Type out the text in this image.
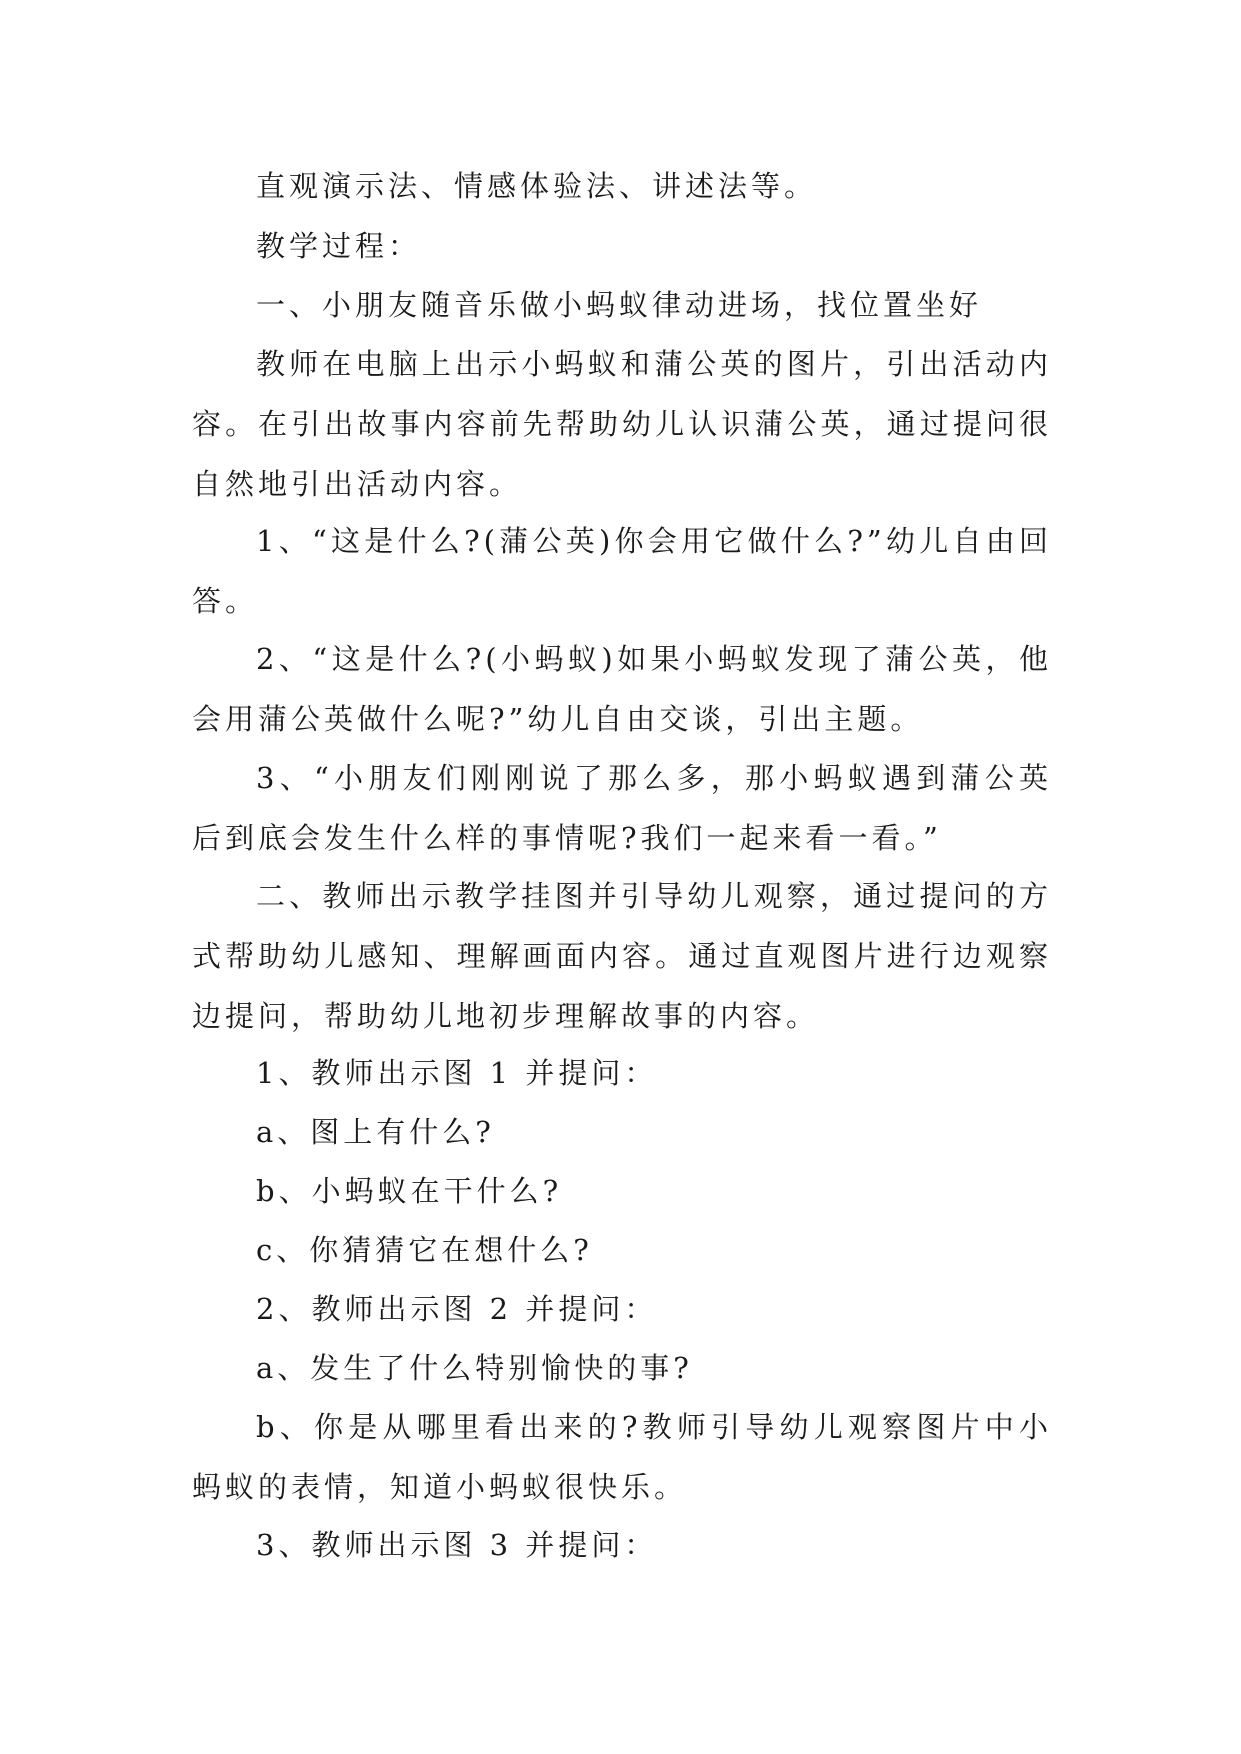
直观演示法、情感体验法、讲述法等。

教学过程：

一、小朋友随音乐做小蚂蚁律动进场，找位置坐好

教师在电脑上出示小蚂蚁和蒲公英的图片，引出活动内容。在引出故事内容前先帮助幼儿认识蒲公英，通过提问很自然地引出活动内容。

1、“这是什么?(蒲公英)你会用它做什么?”幼儿自由回答。

2、“这是什么?(小蚂蚁)如果小蚂蚁发现了蒲公英，他会用蒲公英做什么呢?”幼儿自由交谈，引出主题。

3、“小朋友们刚刚说了那么多，那小蚂蚁遇到蒲公英后到底会发生什么样的事情呢?我们一起来看一看。”

二、教师出示教学挂图并引导幼儿观察，通过提问的方式帮助幼儿感知、理解画面内容。通过直观图片进行边观察边提问，帮助幼儿地初步理解故事的内容。

1、教师出示图 1 并提问：

a、图上有什么?

b、小蚂蚁在干什么?

c、你猜猜它在想什么?

2、教师出示图 2 并提问：

a、发生了什么特别愉快的事?

b、你是从哪里看出来的?教师引导幼儿观察图片中小蚂蚁的表情，知道小蚂蚁很快乐。

3、教师出示图 3 并提问：
